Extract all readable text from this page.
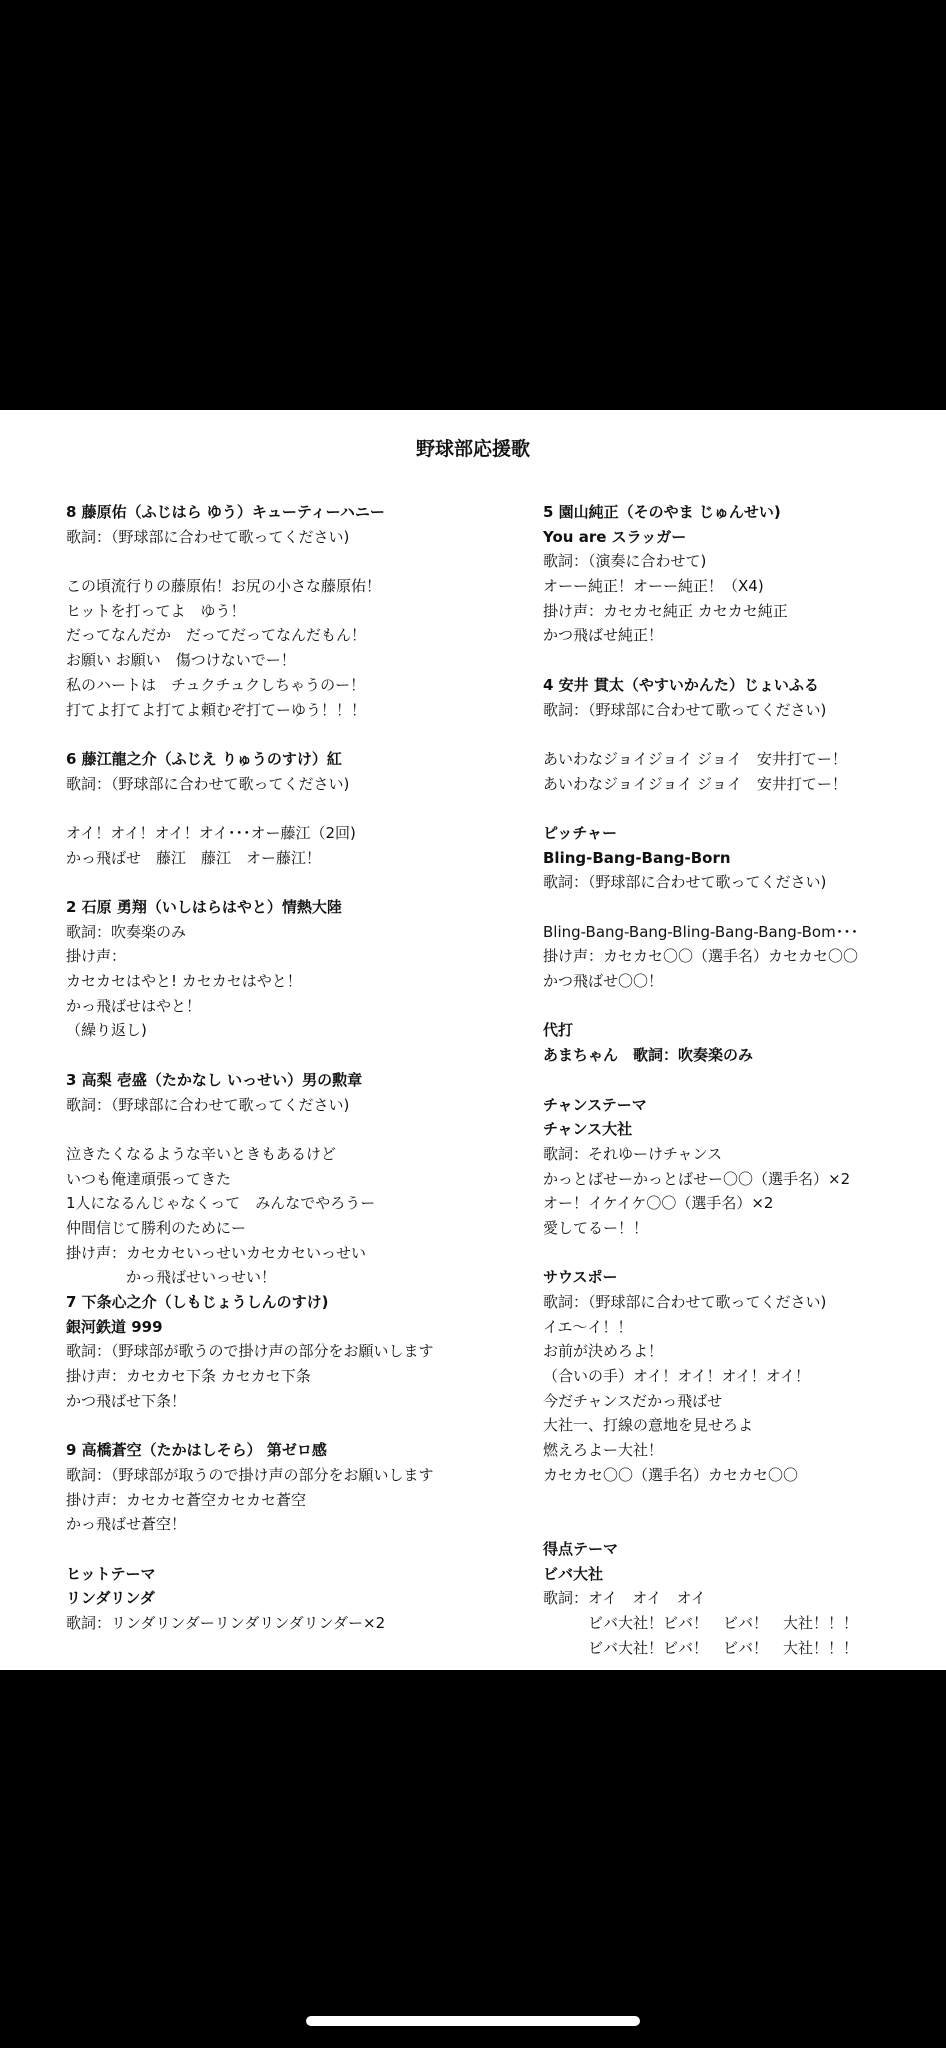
野球部応援歌
8 藤原佑（ふじはら ゆう）キューティーハニー
歌詞：（野球部に合わせて歌ってください)
この頃流行りの藤原佑！お尻の小さな藤原佑！
ヒットを打ってよ　ゆう！
だってなんだか　だってだってなんだもん！
お願い お願い　傷つけないでー！
私のハートは　チュクチュクしちゃうのー！
打てよ打てよ打てよ頼むぞ打てーゆう！！！
6 藤江龍之介（ふじえ りゅうのすけ）紅
歌詞：（野球部に合わせて歌ってください)
オイ！オイ！オイ！オイ･･･オー藤江（2回)
かっ飛ばせ　藤江　藤江　オー藤江！
2 石原 勇翔（いしはらはやと）情熱大陸
歌詞：吹奏楽のみ
掛け声：
カセカセはやと! カセカセはやと！
かっ飛ばせはやと！
（繰り返し)
3 高梨 壱盛（たかなし いっせい）男の勲章
歌詞：（野球部に合わせて歌ってください)
泣きたくなるような辛いときもあるけど
いつも俺達頑張ってきた
1人になるんじゃなくって　みんなでやろうー
仲間信じて勝利のためにー
掛け声：カセカセいっせいカセカセいっせい
　　　　かっ飛ばせいっせい！
7 下条心之介（しもじょうしんのすけ)
銀河鉄道 999
歌詞：（野球部が歌うので掛け声の部分をお願いします
掛け声：カセカセ下条 カセカセ下条
かつ飛ばせ下条！
9 高橋蒼空（たかはしそら） 第ゼロ感
歌詞：（野球部が取うので掛け声の部分をお願いします
掛け声：カセカセ蒼空カセカセ蒼空
かっ飛ばせ蒼空！
ヒットテーマ
リンダリンダ
歌詞：リンダリンダーリンダリンダリンダー×2
5 園山純正（そのやま じゅんせい)
You are スラッガー
歌詞：（演奏に合わせて)
オーー純正！オーー純正！（X4)
掛け声：カセカセ純正 カセカセ純正
かつ飛ばせ純正！
4 安井 貫太（やすいかんた）じょいふる
歌詞：（野球部に合わせて歌ってください)
あいわなジョイジョイ ジョイ　安井打てー！
あいわなジョイジョイ ジョイ　安井打てー！
ピッチャー
Bling-Bang-Bang-Born
歌詞：（野球部に合わせて歌ってください)
Bling-Bang-Bang-Bling-Bang-Bang-Bom･･･
掛け声：カセカセ〇〇（選手名）カセカセ〇〇
かつ飛ばせ〇〇！
代打
あまちゃん　歌詞：吹奏楽のみ
チャンステーマ
チャンス大社
歌詞：それゆーけチャンス
かっとばせーかっとばせー〇〇（選手名）×2
オー！イケイケ〇〇（選手名）×2
愛してるー！！
サウスポー
歌詞：（野球部に合わせて歌ってください)
イエ～イ！！
お前が決めろよ！
（合いの手）オイ！オイ！オイ！オイ！
今だチャンスだかっ飛ばせ
大社一、打線の意地を見せろよ
燃えろよー大社！
カセカセ〇〇（選手名）カセカセ〇〇
得点テーマ
ビバ大社
歌詞：オイ　オイ　オイ
　　　ビバ大社！ビバ！　ビバ！　大社！！！
　　　ビバ大社！ビバ！　ビバ！　大社！！！
